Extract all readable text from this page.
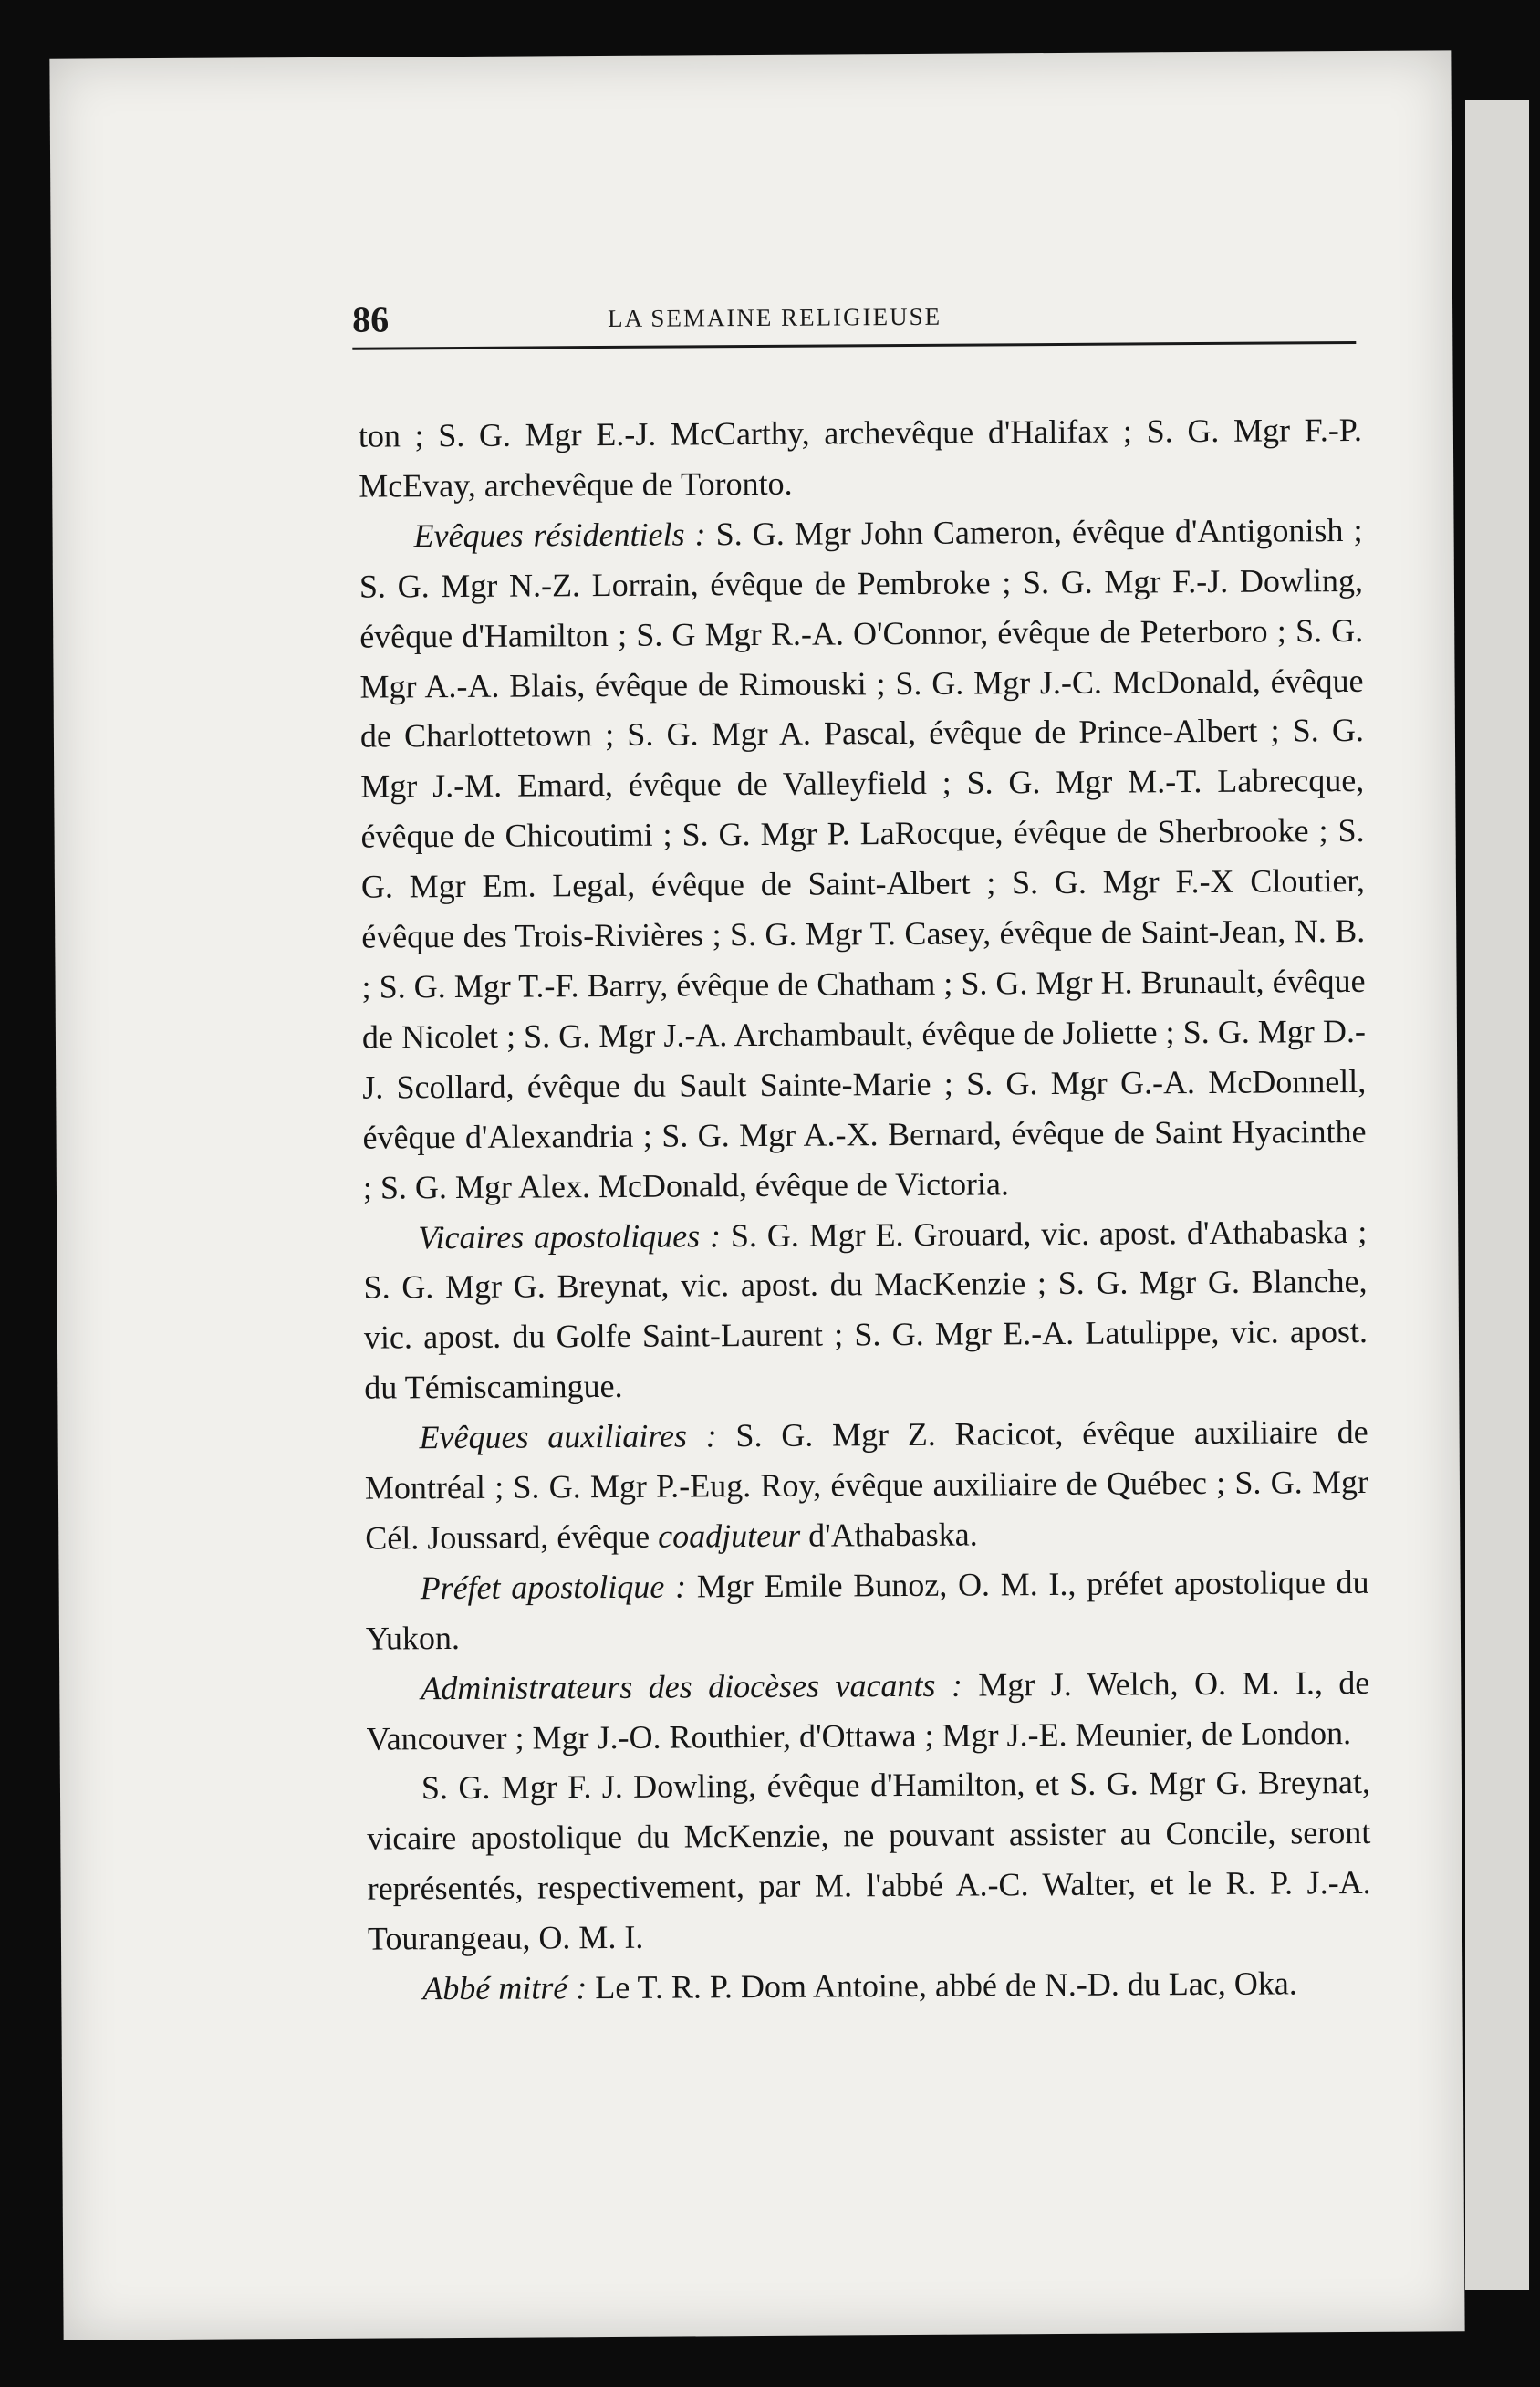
86	LA SEMAINE RELIGIEUSE

ton ; S. G. Mgr E.-J. McCarthy, archevêque d'Halifax ; S. G. Mgr F.-P. McEvay, archevêque de Toronto.

Evêques résidentiels : S. G. Mgr John Cameron, évêque d'Antigonish ; S. G. Mgr N.-Z. Lorrain, évêque de Pembroke ; S. G. Mgr F.-J. Dowling, évêque d'Hamilton ; S. G Mgr R.-A. O'Connor, évêque de Peterboro ; S. G. Mgr A.-A. Blais, évêque de Rimouski ; S. G. Mgr J.-C. McDonald, évêque de Charlottetown ; S. G. Mgr A. Pascal, évêque de Prince-Albert ; S. G. Mgr J.-M. Emard, évêque de Valleyfield ; S. G. Mgr M.-T. Labrecque, évêque de Chicoutimi ; S. G. Mgr P. LaRocque, évêque de Sherbrooke ; S. G. Mgr Em. Legal, évêque de Saint-Albert ; S. G. Mgr F.-X Cloutier, évêque des Trois-Rivières ; S. G. Mgr T. Casey, évêque de Saint-Jean, N. B. ; S. G. Mgr T.-F. Barry, évêque de Chatham ; S. G. Mgr H. Brunault, évêque de Nicolet ; S. G. Mgr J.-A. Archambault, évêque de Joliette ; S. G. Mgr D.-J. Scollard, évêque du Sault Sainte-Marie ; S. G. Mgr G.-A. McDonnell, évêque d'Alexandria ; S. G. Mgr A.-X. Bernard, évêque de Saint Hyacinthe ; S. G. Mgr Alex. McDonald, évêque de Victoria.

Vicaires apostoliques : S. G. Mgr E. Grouard, vic. apost. d'Athabaska ; S. G. Mgr G. Breynat, vic. apost. du MacKenzie ; S. G. Mgr G. Blanche, vic. apost. du Golfe Saint-Laurent ; S. G. Mgr E.-A. Latulippe, vic. apost. du Témiscamingue.

Evêques auxiliaires : S. G. Mgr Z. Racicot, évêque auxiliaire de Montréal ; S. G. Mgr P.-Eug. Roy, évêque auxiliaire de Québec ; S. G. Mgr Cél. Joussard, évêque coadjuteur d'Athabaska.

Préfet apostolique : Mgr Emile Bunoz, O. M. I., préfet apostolique du Yukon.

Administrateurs des diocèses vacants : Mgr J. Welch, O. M. I., de Vancouver ; Mgr J.-O. Routhier, d'Ottawa ; Mgr J.-E. Meunier, de London.

S. G. Mgr F. J. Dowling, évêque d'Hamilton, et S. G. Mgr G. Breynat, vicaire apostolique du McKenzie, ne pouvant assister au Concile, seront représentés, respectivement, par M. l'abbé A.-C. Walter, et le R. P. J.-A. Tourangeau, O. M. I.

Abbé mitré : Le T. R. P. Dom Antoine, abbé de N.-D. du Lac, Oka.
